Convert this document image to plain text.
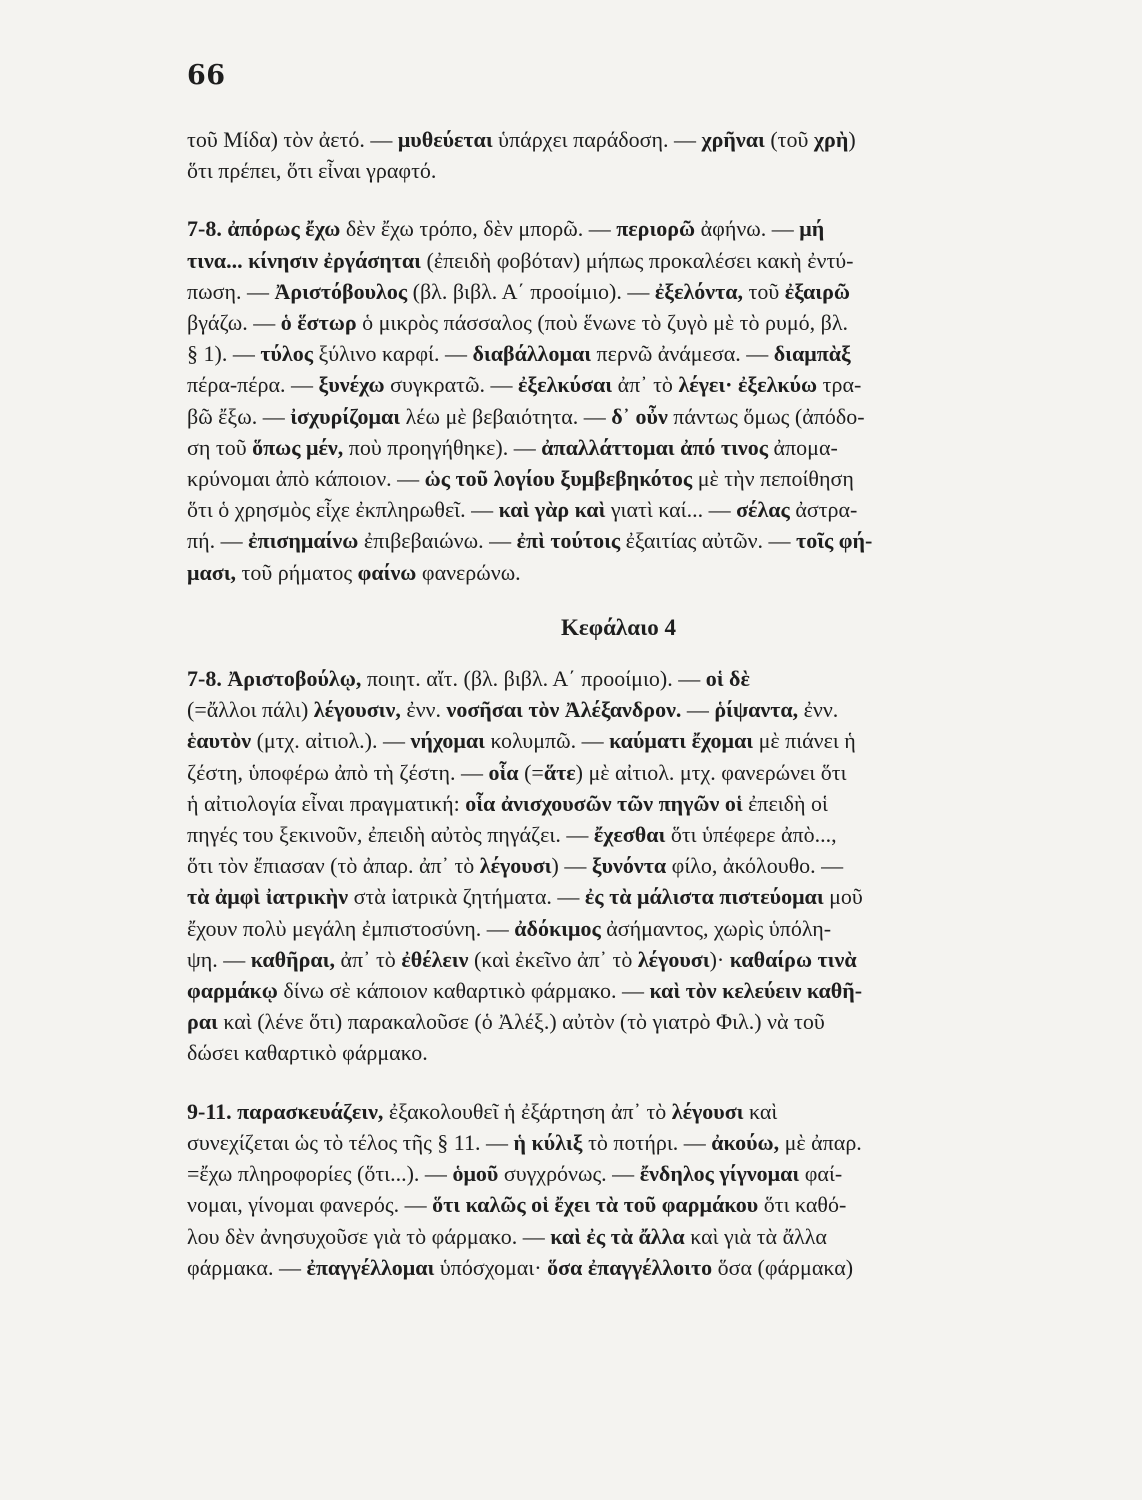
66
τοῦ Μίδα) τὸν ἀετό. — μυθεύεται ὑπάρχει παράδοση. — χρῆναι (τοῦ χρὴ)
ὅτι πρέπει, ὅτι εἶναι γραφτό.
7-8. ἀπόρως ἔχω δὲν ἔχω τρόπο, δὲν μπορῶ. — περιορῶ ἀφήνω. — μή
τινα... κίνησιν ἐργάσηται (ἐπειδὴ φοβόταν) μήπως προκαλέσει κακὴ ἐντύ-
πωση. — Ἀριστόβουλος (βλ. βιβλ. Α΄ προοίμιο). — ἐξελόντα, τοῦ ἐξαιρῶ
βγάζω. — ὁ ἕστωρ ὁ μικρὸς πάσσαλος (ποὺ ἕνωνε τὸ ζυγὸ μὲ τὸ ρυμό, βλ.
§ 1). — τύλος ξύλινο καρφί. — διαβάλλομαι περνῶ ἀνάμεσα. — διαμπὰξ
πέρα-πέρα. — ξυνέχω συγκρατῶ. — ἐξελκύσαι ἀπ᾽ τὸ λέγει· ἐξελκύω τρα-
βῶ ἔξω. — ἰσχυρίζομαι λέω μὲ βεβαιότητα. — δ᾽ οὖν πάντως ὅμως (ἀπόδο-
ση τοῦ ὅπως μέν, ποὺ προηγήθηκε). — ἀπαλλάττομαι ἀπό τινος ἀπομα-
κρύνομαι ἀπὸ κάποιον. — ὡς τοῦ λογίου ξυμβεβηκότος μὲ τὴν πεποίθηση
ὅτι ὁ χρησμὸς εἶχε ἐκπληρωθεῖ. — καὶ γὰρ καὶ γιατὶ καί... — σέλας ἀστρα-
πή. — ἐπισημαίνω ἐπιβεβαιώνω. — ἐπὶ τούτοις ἐξαιτίας αὐτῶν. — τοῖς φή-
μασι, τοῦ ρήματος φαίνω φανερώνω.
Κεφάλαιο 4
7-8. Ἀριστοβούλῳ, ποιητ. αἴτ. (βλ. βιβλ. Α΄ προοίμιο). — οἱ δὲ
(=ἄλλοι πάλι) λέγουσιν, ἐνν. νοσῆσαι τὸν Ἀλέξανδρον. — ῥίψαντα, ἐνν.
ἑαυτὸν (μτχ. αἰτιολ.). — νήχομαι κολυμπῶ. — καύματι ἔχομαι μὲ πιάνει ἡ
ζέστη, ὑποφέρω ἀπὸ τὴ ζέστη. — οἷα (=ἅτε) μὲ αἰτιολ. μτχ. φανερώνει ὅτι
ἡ αἰτιολογία εἶναι πραγματική: οἷα ἀνισχουσῶν τῶν πηγῶν οἱ ἐπειδὴ οἱ
πηγές του ξεκινοῦν, ἐπειδὴ αὐτὸς πηγάζει. — ἔχεσθαι ὅτι ὑπέφερε ἀπὸ...,
ὅτι τὸν ἔπιασαν (τὸ ἀπαρ. ἀπ᾽ τὸ λέγουσι) — ξυνόντα φίλο, ἀκόλουθο. —
τὰ ἀμφὶ ἰατρικὴν στὰ ἰατρικὰ ζητήματα. — ἐς τὰ μάλιστα πιστεύομαι μοῦ
ἔχουν πολὺ μεγάλη ἐμπιστοσύνη. — ἀδόκιμος ἀσήμαντος, χωρὶς ὑπόλη-
ψη. — καθῆραι, ἀπ᾽ τὸ ἐθέλειν (καὶ ἐκεῖνο ἀπ᾽ τὸ λέγουσι)· καθαίρω τινὰ
φαρμάκῳ δίνω σὲ κάποιον καθαρτικὸ φάρμακο. — καὶ τὸν κελεύειν καθῆ-
ραι καὶ (λένε ὅτι) παρακαλοῦσε (ὁ Ἀλέξ.) αὐτὸν (τὸ γιατρὸ Φιλ.) νὰ τοῦ
δώσει καθαρτικὸ φάρμακο.
9-11. παρασκευάζειν, ἐξακολουθεῖ ἡ ἐξάρτηση ἀπ᾽ τὸ λέγουσι καὶ
συνεχίζεται ὡς τὸ τέλος τῆς § 11. — ἡ κύλιξ τὸ ποτήρι. — ἀκούω, μὲ ἀπαρ.
=ἔχω πληροφορίες (ὅτι...). — ὁμοῦ συγχρόνως. — ἔνδηλος γίγνομαι φαί-
νομαι, γίνομαι φανερός. — ὅτι καλῶς οἱ ἔχει τὰ τοῦ φαρμάκου ὅτι καθό-
λου δὲν ἀνησυχοῦσε γιὰ τὸ φάρμακο. — καὶ ἐς τὰ ἄλλα καὶ γιὰ τὰ ἄλλα
φάρμακα. — ἐπαγγέλλομαι ὑπόσχομαι· ὅσα ἐπαγγέλλοιτο ὅσα (φάρμακα)
